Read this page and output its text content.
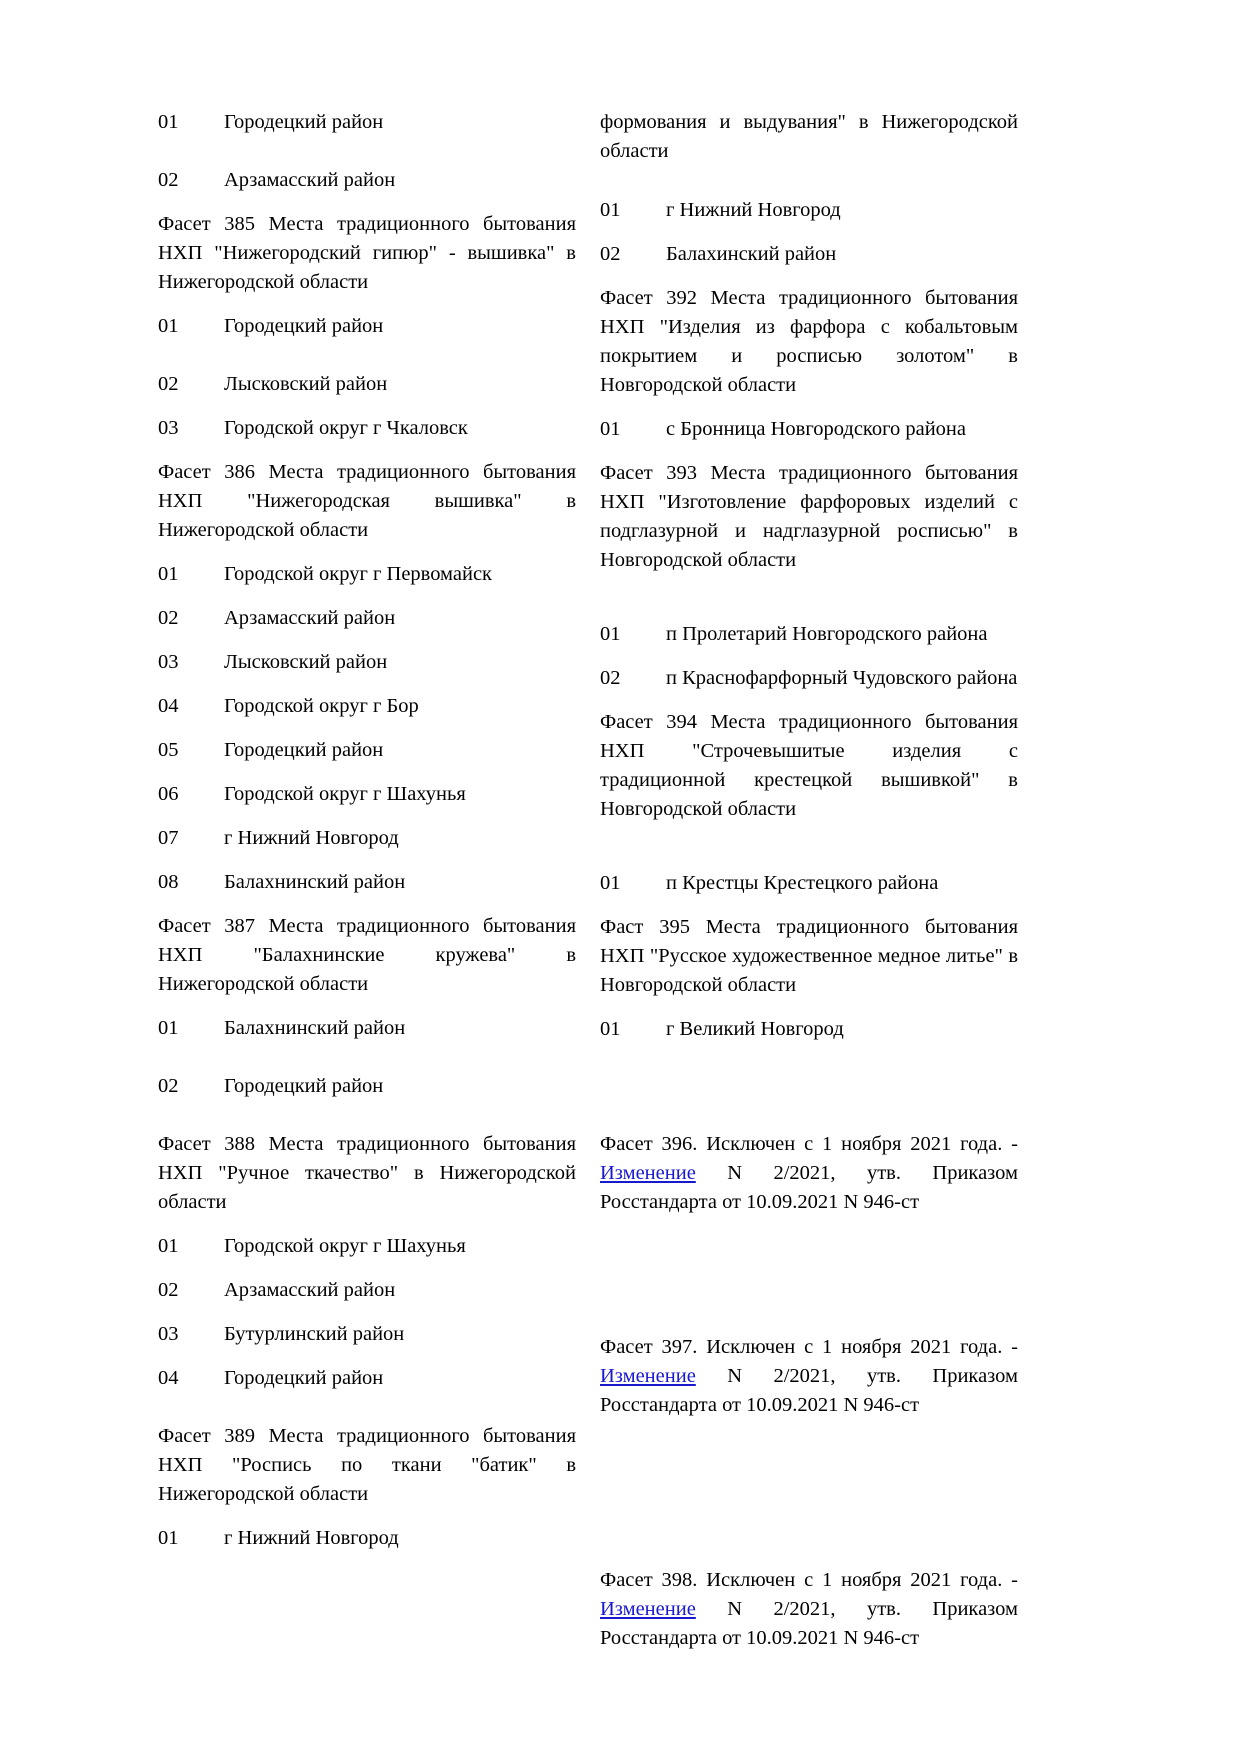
01	Городецкий район
02	Арзамасский район

Фасет 385 Места традиционного бытования НХП "Нижегородский гипюр" - вышивка" в Нижегородской области

01	Городецкий район
02	Лысковский район
03	Городской округ г Чкаловск

Фасет 386 Места традиционного бытования НХП "Нижегородская вышивка" в Нижегородской области

01	Городской округ г Первомайск
02	Арзамасский район
03	Лысковский район
04	Городской округ г Бор
05	Городецкий район
06	Городской округ г Шахунья
07	г Нижний Новгород
08	Балахнинский район

Фасет 387 Места традиционного бытования НХП "Балахнинские кружева" в Нижегородской области

01	Балахнинский район
02	Городецкий район

Фасет 388 Места традиционного бытования НХП "Ручное ткачество" в Нижегородской области

01	Городской округ г Шахунья
02	Арзамасский район
03	Бутурлинский район
04	Городецкий район

Фасет 389 Места традиционного бытования НХП "Роспись по ткани "батик" в Нижегородской области

01	г Нижний Новгород

формования и выдувания" в Нижегородской области

01	г Нижний Новгород
02	Балахинский район

Фасет 392 Места традиционного бытования НХП "Изделия из фарфора с кобальтовым покрытием и росписью золотом" в Новгородской области

01	с Бронница Новгородского района

Фасет 393 Места традиционного бытования НХП "Изготовление фарфоровых изделий с подглазурной и надглазурной росписью" в Новгородской области

01	п Пролетарий Новгородского района
02	п Краснофарфорный Чудовского района

Фасет 394 Места традиционного бытования НХП "Строчевышитые изделия с традиционной крестецкой вышивкой" в Новгородской области

01	п Крестцы Крестецкого района

Фаст 395 Места традиционного бытования НХП "Русское художественное медное литье" в Новгородской области

01	г Великий Новгород

Фасет 396. Исключен с 1 ноября 2021 года. - Изменение N 2/2021, утв. Приказом Росстандарта от 10.09.2021 N 946-ст

Фасет 397. Исключен с 1 ноября 2021 года. - Изменение N 2/2021, утв. Приказом Росстандарта от 10.09.2021 N 946-ст

Фасет 398. Исключен с 1 ноября 2021 года. - Изменение N 2/2021, утв. Приказом Росстандарта от 10.09.2021 N 946-ст
